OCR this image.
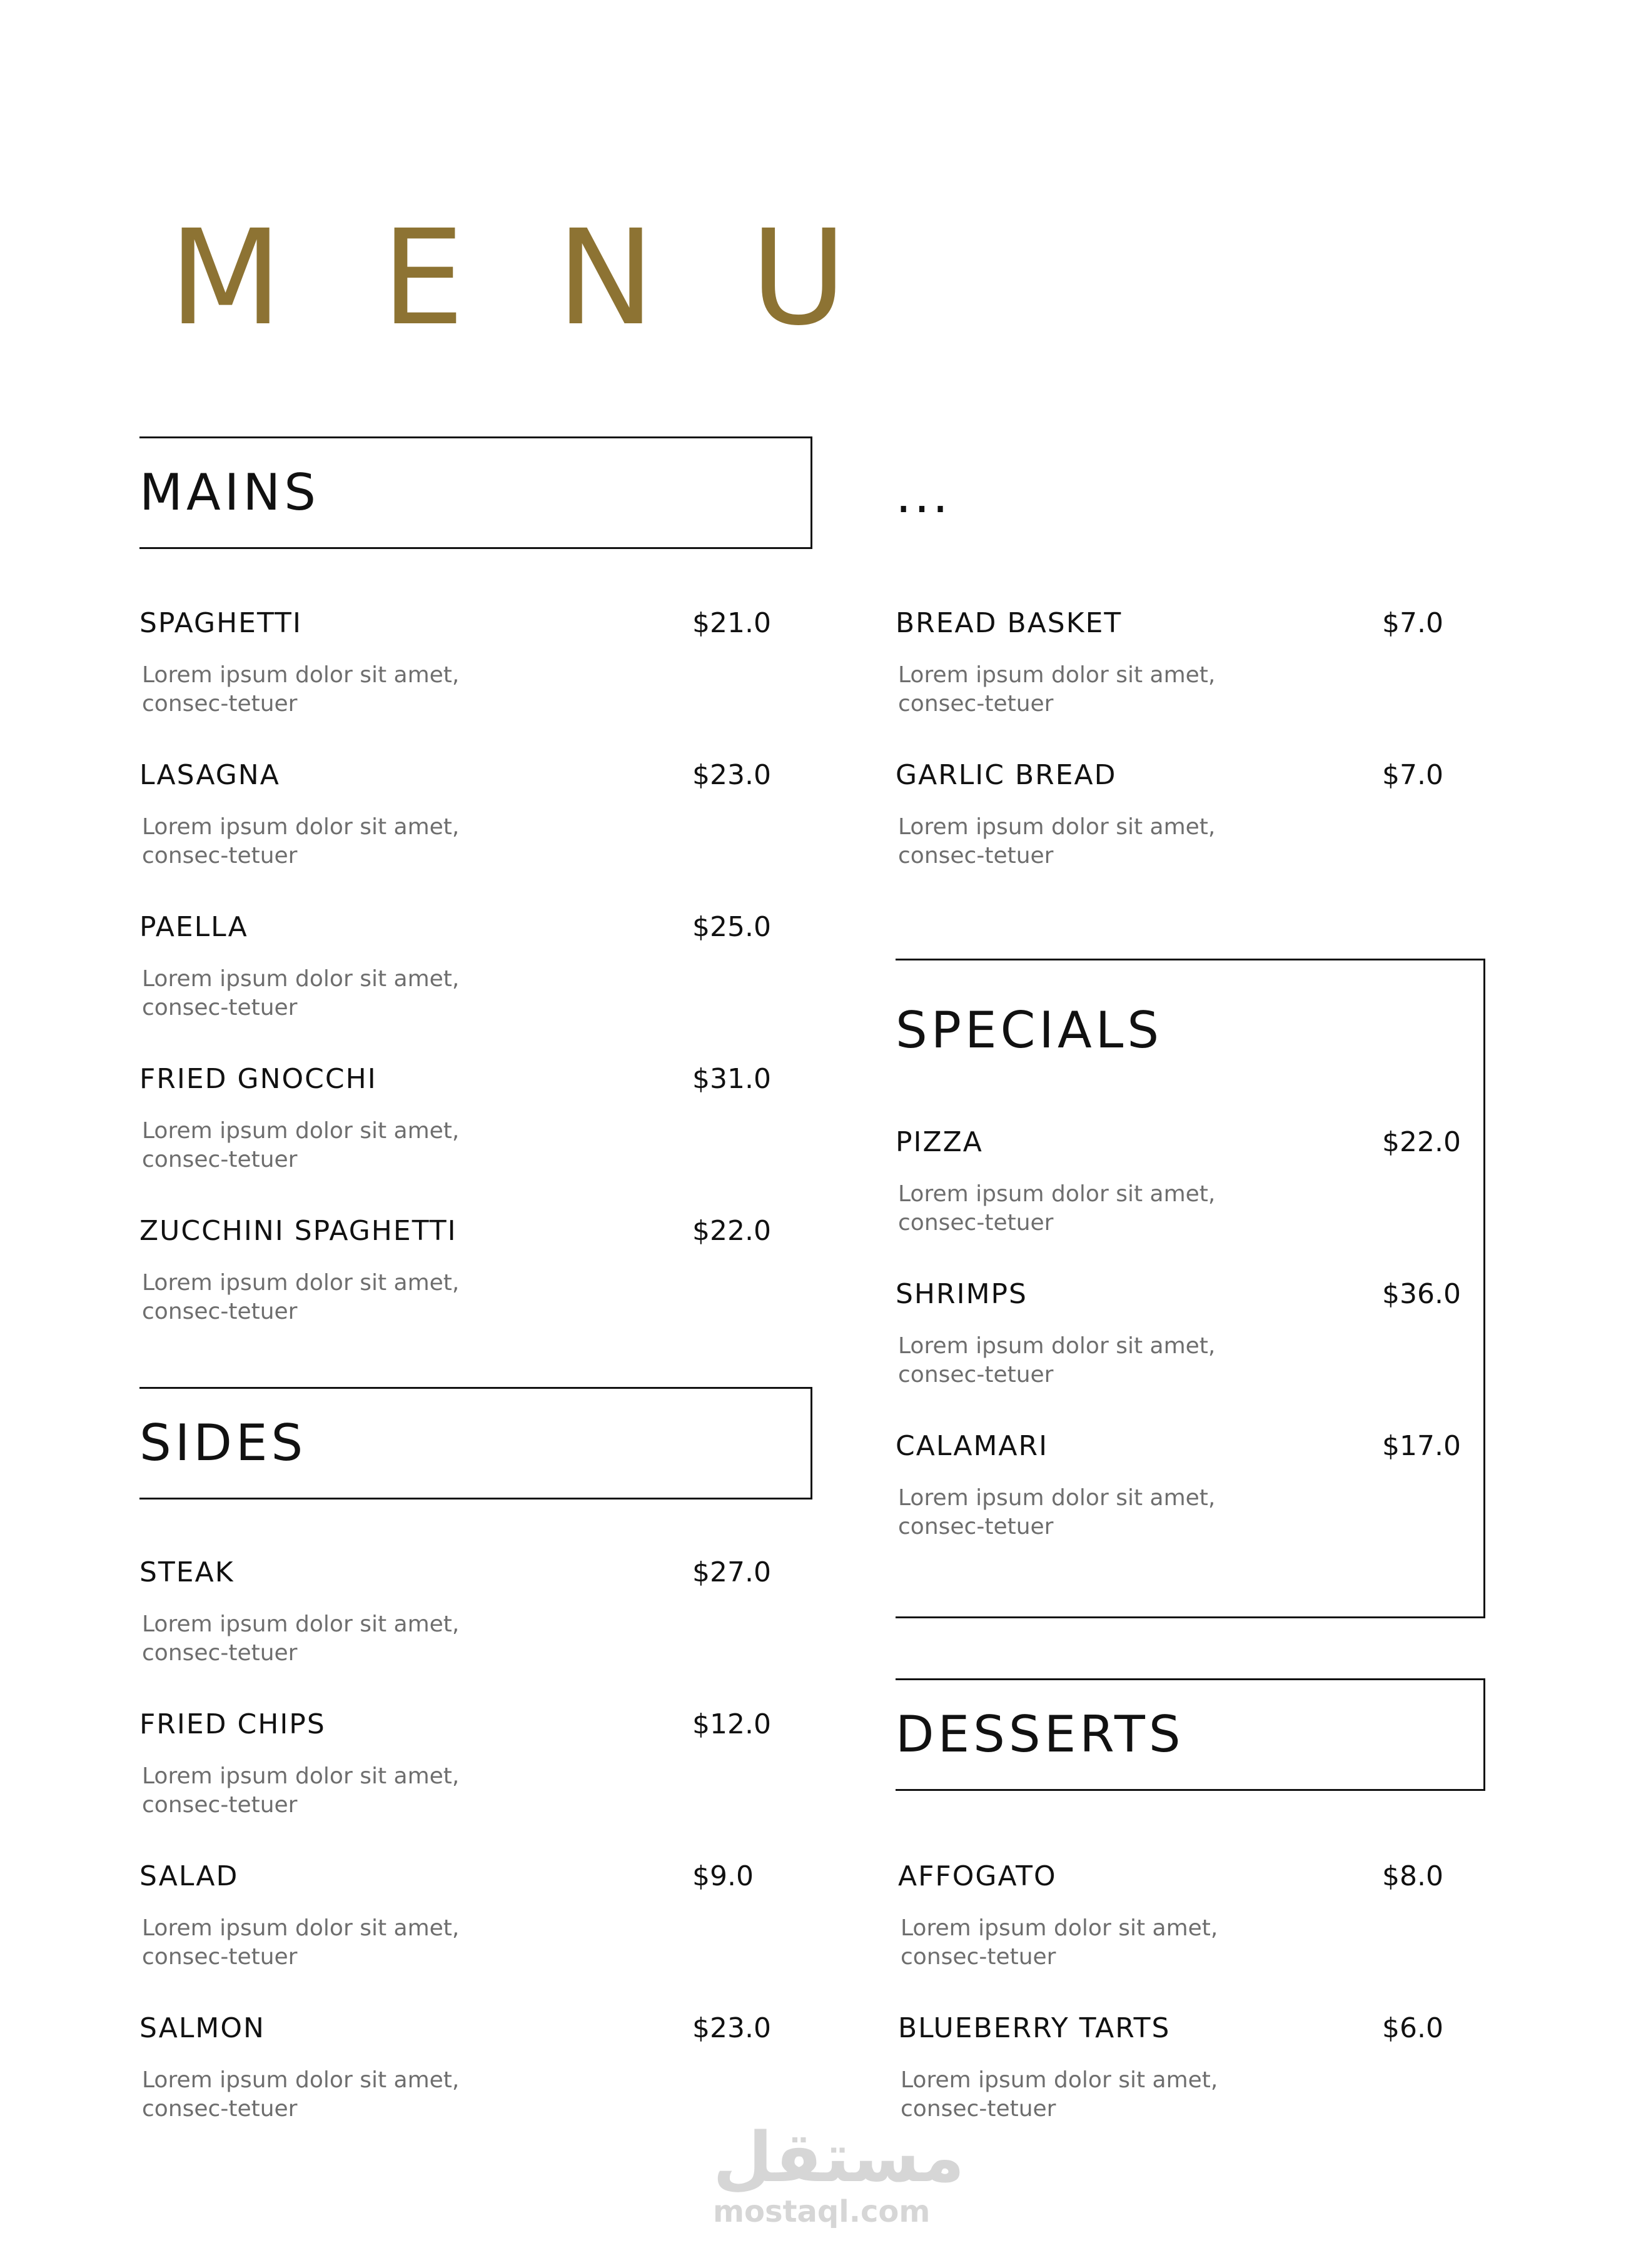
M E N U
MAINS
SPAGHETTI	$21.0
Lorem ipsum dolor sit amet, consec-tetuer
LASAGNA	$23.0
Lorem ipsum dolor sit amet, consec-tetuer
PAELLA	$25.0
Lorem ipsum dolor sit amet, consec-tetuer
FRIED GNOCCHI	$31.0
Lorem ipsum dolor sit amet, consec-tetuer
ZUCCHINI SPAGHETTI	$22.0
Lorem ipsum dolor sit amet, consec-tetuer
SIDES
STEAK	$27.0
Lorem ipsum dolor sit amet, consec-tetuer
FRIED CHIPS	$12.0
Lorem ipsum dolor sit amet, consec-tetuer
SALAD	$9.0
Lorem ipsum dolor sit amet, consec-tetuer
SALMON	$23.0
Lorem ipsum dolor sit amet, consec-tetuer
...
BREAD BASKET	$7.0
Lorem ipsum dolor sit amet, consec-tetuer
GARLIC BREAD	$7.0
Lorem ipsum dolor sit amet, consec-tetuer
SPECIALS
PIZZA	$22.0
Lorem ipsum dolor sit amet, consec-tetuer
SHRIMPS	$36.0
Lorem ipsum dolor sit amet, consec-tetuer
CALAMARI	$17.0
Lorem ipsum dolor sit amet, consec-tetuer
DESSERTS
AFFOGATO	$8.0
Lorem ipsum dolor sit amet, consec-tetuer
BLUEBERRY TARTS	$6.0
Lorem ipsum dolor sit amet, consec-tetuer
مستقل
mostaql.com
